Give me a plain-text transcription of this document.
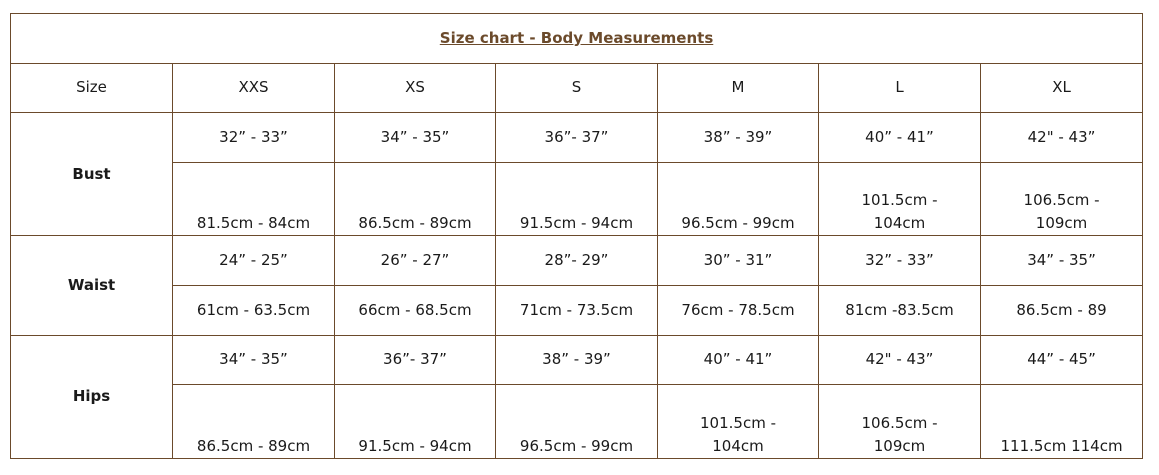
Size chart - Body Measurements						
Size	XXS	XS	S	M	L	XL
Bust	32” - 33”	34” - 35”	36”- 37”	38” - 39”	40” - 41”	42" - 43”
	81.5cm - 84cm	86.5cm - 89cm	91.5cm - 94cm	96.5cm - 99cm	101.5cm - 104cm	106.5cm - 109cm
Waist	24” - 25”	26” - 27”	28”- 29”	30” - 31”	32” - 33”	34” - 35”
	61cm - 63.5cm	66cm - 68.5cm	71cm - 73.5cm	76cm - 78.5cm	81cm -83.5cm	86.5cm - 89
Hips	34” - 35”	36”- 37”	38” - 39”	40” - 41”	42" - 43”	44” - 45”
	86.5cm - 89cm	91.5cm - 94cm	96.5cm - 99cm	101.5cm - 104cm	106.5cm - 109cm	111.5cm 114cm
